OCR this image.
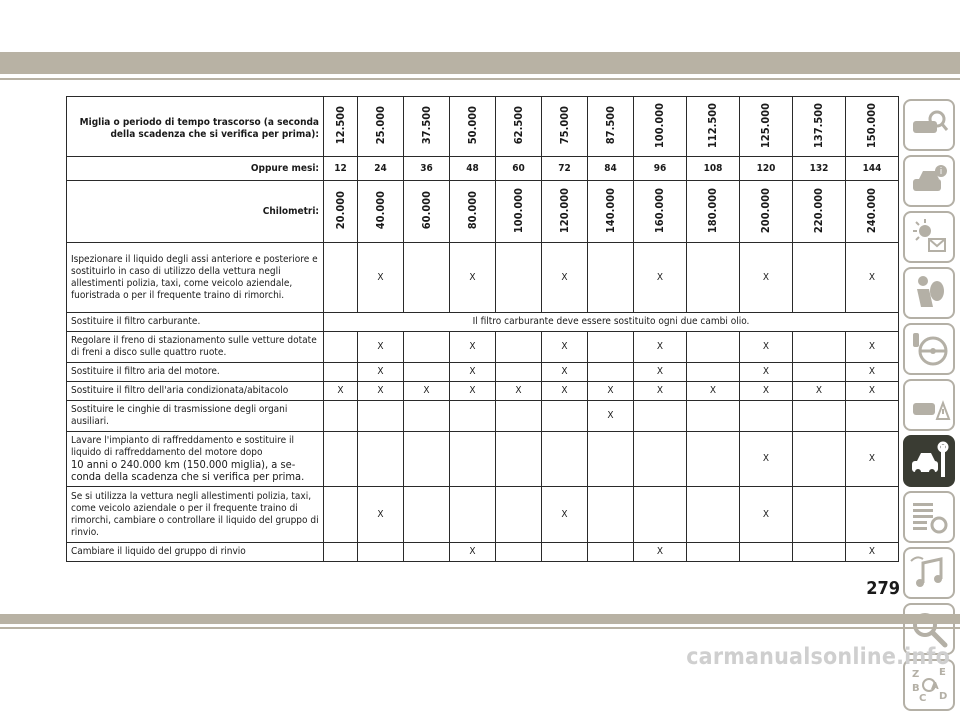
Miglia o periodo di tempo trascorso (a seconda della scadenza che si verifica per prima):	12.500	25.000	37.500	50.000	62.500	75.000	87.500	100.000	112.500	125.000	137.500	150.000
Oppure mesi:	12	24	36	48	60	72	84	96	108	120	132	144
Chilometri:	20.000	40.000	60.000	80.000	100.000	120.000	140.000	160.000	180.000	200.000	220.000	240.000
Ispezionare il liquido degli assi anteriore e posteriore e sostituirlo in caso di utilizzo della vettura negli allestimenti polizia, taxi, come veicolo aziendale, fuoristrada o per il frequente traino di rimorchi.		X		X		X		X		X		X
Sostituire il filtro carburante.	Il filtro carburante deve essere sostituito ogni due cambi olio.											
Regolare il freno di stazionamento sulle vetture dotate di freni a disco sulle quattro ruote.		X		X		X		X		X		X
Sostituire il filtro aria del motore.		X		X		X		X		X		X
Sostituire il filtro dell'aria condizionata/abitacolo	X	X	X	X	X	X	X	X	X	X	X	X
Sostituire le cinghie di trasmissione degli organi ausiliari.							X					

Lavare l'impianto di raffreddamento e sostituire il liquido di raffreddamento del motore dopo
10 anni o 240.000 km (150.000 miglia), a seconda della scadenza che si verifica per prima.										X		X
Se si utilizza la vettura negli allestimenti polizia, taxi, come veicolo aziendale o per il frequente traino di rimorchi, cambiare o controllare il liquido del gruppo di rinvio.		X				X				X		
Cambiare il liquido del gruppo di rinvio				X				X				X
i
Z E
B A
C D
279
carmanualsonline.info
